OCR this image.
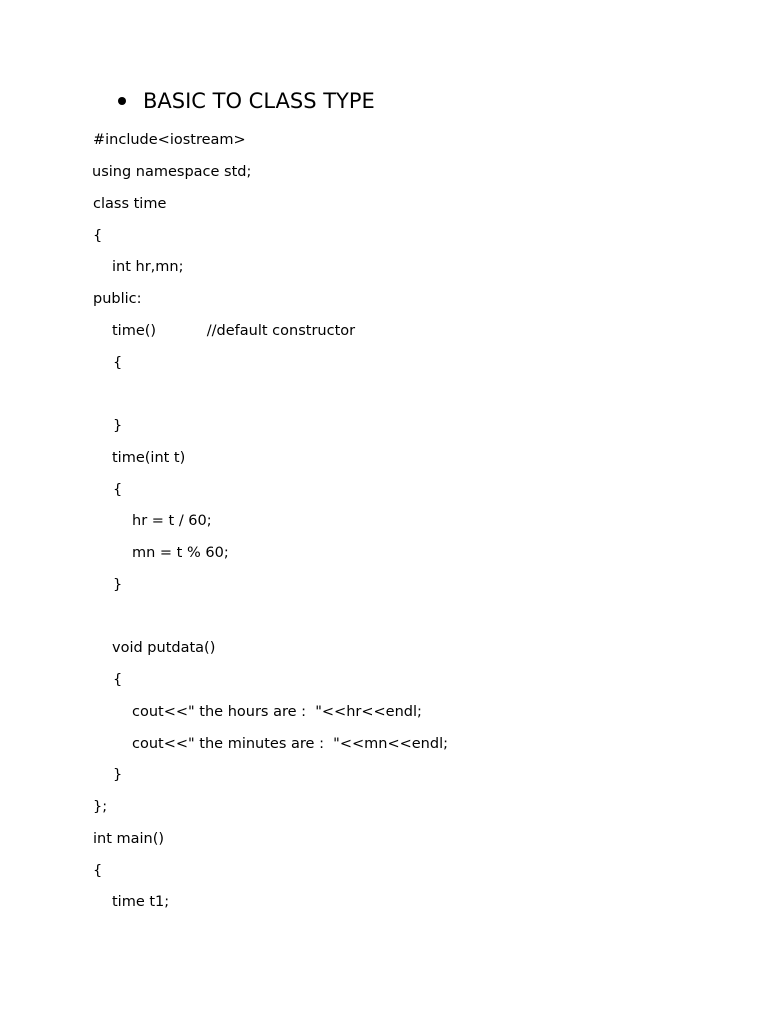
BASIC TO CLASS TYPE
#include<iostream>
using namespace std;
class time
{
int hr,mn;
public:
time()           //default constructor
{
}
time(int t)
{
hr = t / 60;
mn = t % 60;
}
void putdata()
{
cout<<" the hours are :  "<<hr<<endl;
cout<<" the minutes are :  "<<mn<<endl;
}
};
int main()
{
time t1;
